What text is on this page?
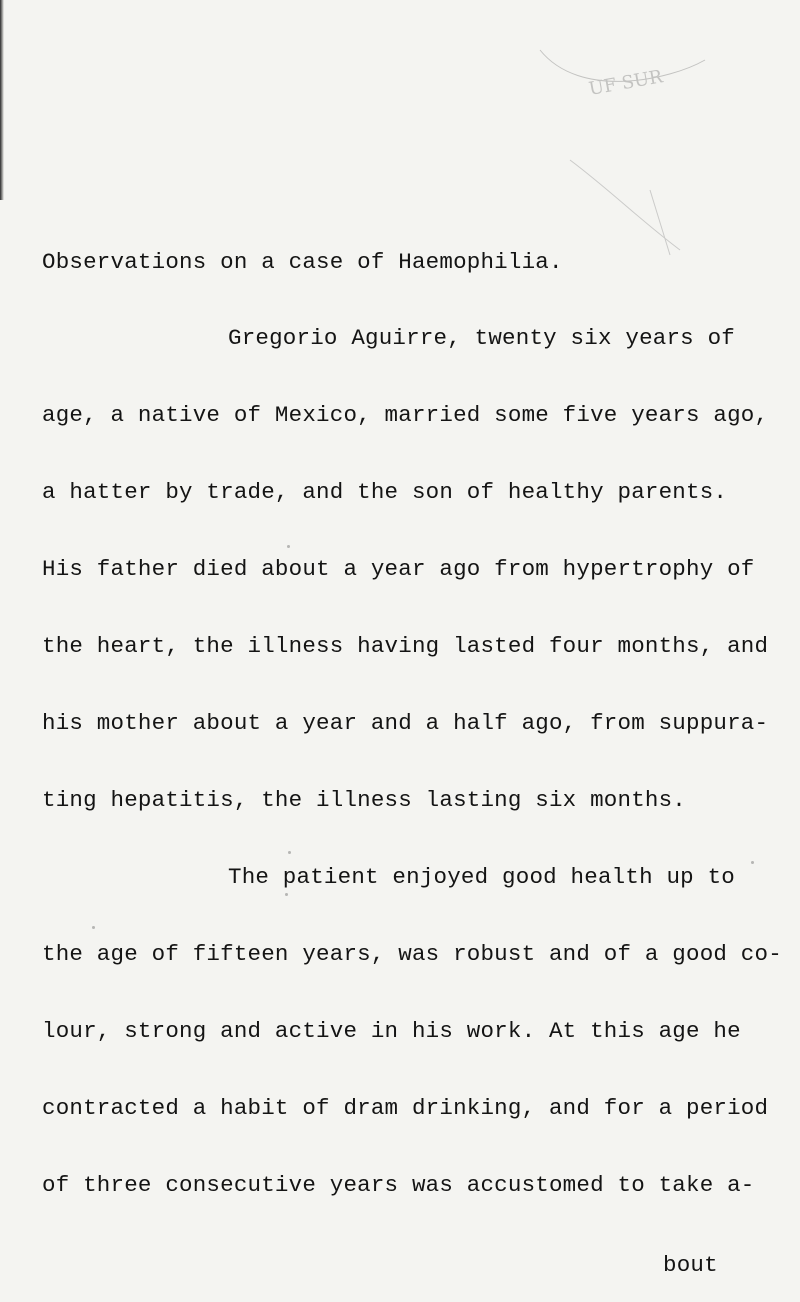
UF SUR
Observations on a case of Haemophilia.
Gregorio Aguirre, twenty six years of
age, a native of Mexico, married some five years ago,
a hatter by trade, and the son of healthy parents.
His father died about a year ago from hypertrophy of
the heart, the illness having lasted four months, and
his mother about a year and a half ago, from suppura-
ting hepatitis, the illness lasting six months.
The patient enjoyed good health up to
the age of fifteen years, was robust and of a good co-
lour, strong and active in his work. At this age he
contracted a habit of dram drinking, and for a period
of three consecutive years was accustomed to take a-
bout
